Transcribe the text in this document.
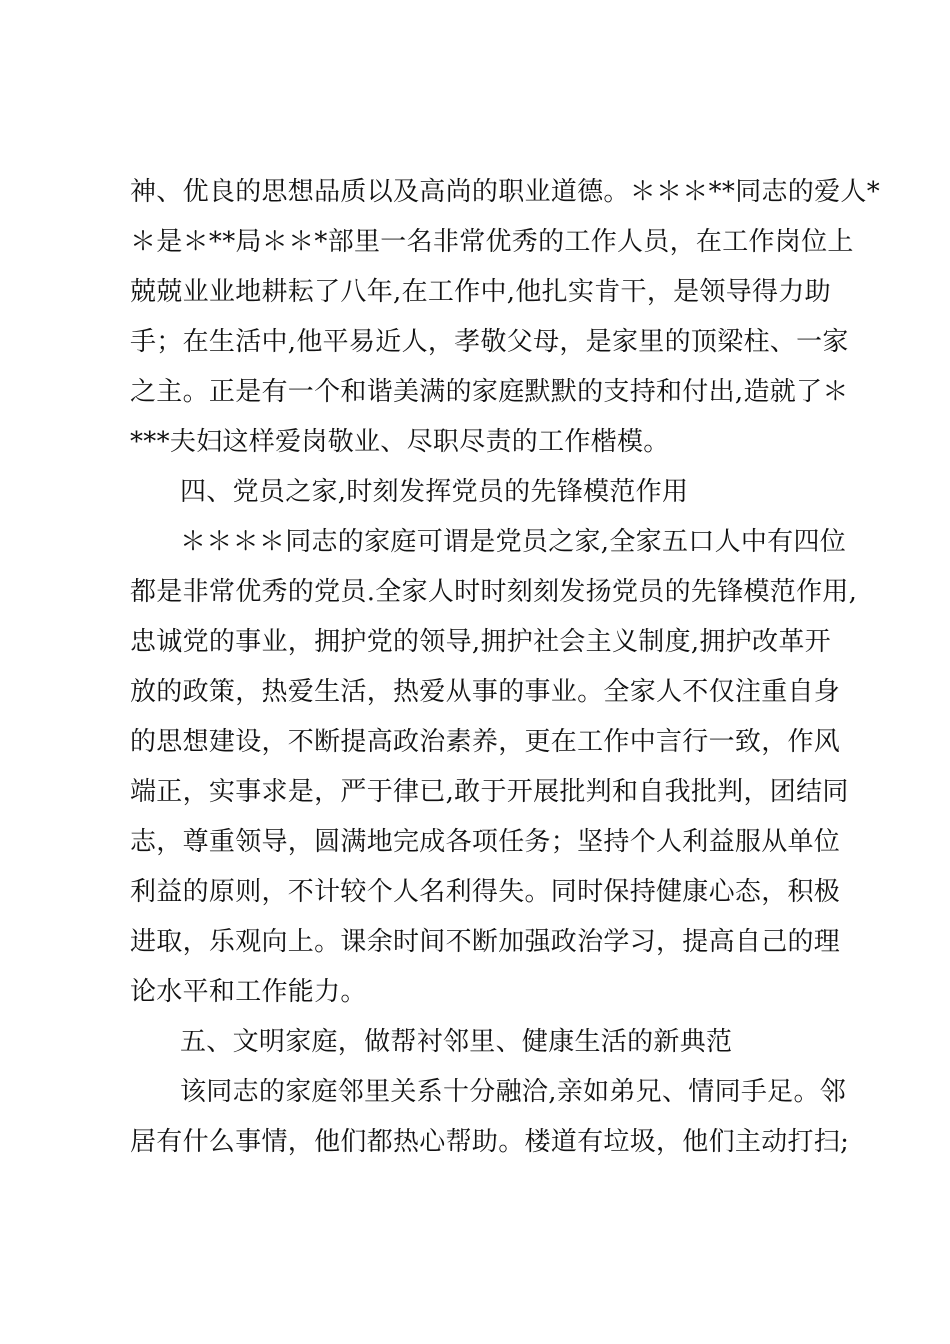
神、优良的思想品质以及高尚的职业道德。＊＊＊**同志的爱人*
＊是＊**局＊＊*部里一名非常优秀的工作人员，在工作岗位上
兢兢业业地耕耘了八年,在工作中,他扎实肯干，是领导得力助
手；在生活中,他平易近人，孝敬父母，是家里的顶梁柱、一家
之主。正是有一个和谐美满的家庭默默的支持和付出,造就了＊
***夫妇这样爱岗敬业、尽职尽责的工作楷模。
四、党员之家,时刻发挥党员的先锋模范作用
＊＊＊＊同志的家庭可谓是党员之家,全家五口人中有四位
都是非常优秀的党员.全家人时时刻刻发扬党员的先锋模范作用,
忠诚党的事业，拥护党的领导,拥护社会主义制度,拥护改革开
放的政策，热爱生活，热爱从事的事业。全家人不仅注重自身
的思想建设，不断提高政治素养，更在工作中言行一致，作风
端正，实事求是，严于律已,敢于开展批判和自我批判，团结同
志，尊重领导，圆满地完成各项任务；坚持个人利益服从单位
利益的原则，不计较个人名利得失。同时保持健康心态，积极
进取，乐观向上。课余时间不断加强政治学习，提高自己的理
论水平和工作能力。
五、文明家庭，做帮衬邻里、健康生活的新典范
该同志的家庭邻里关系十分融洽,亲如弟兄、情同手足。邻
居有什么事情，他们都热心帮助。楼道有垃圾，他们主动打扫;
